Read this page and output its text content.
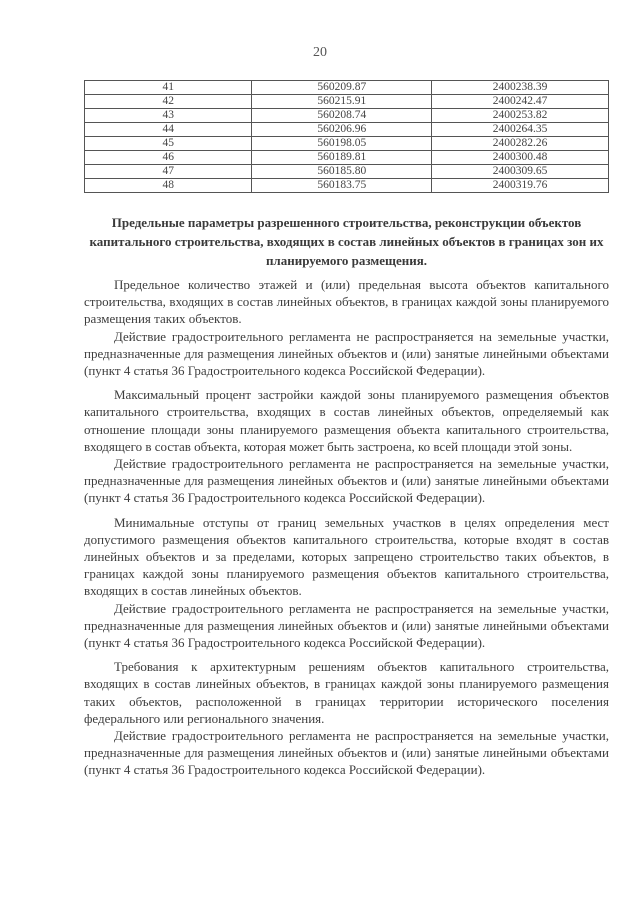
20
41	560209.87	2400238.39
42	560215.91	2400242.47
43	560208.74	2400253.82
44	560206.96	2400264.35
45	560198.05	2400282.26
46	560189.81	2400300.48
47	560185.80	2400309.65
48	560183.75	2400319.76
Предельные параметры разрешенного строительства, реконструкции объектов капитального строительства, входящих в состав линейных объектов в границах зон их планируемого размещения.

Предельное количество этажей и (или) предельная высота объектов капитального строительства, входящих в состав линейных объектов, в границах каждой зоны планируемого размещения таких объектов.

Действие градостроительного регламента не распространяется на земельные участки, предназначенные для размещения линейных объектов и (или) занятые линейными объектами (пункт 4 статья 36 Градостроительного кодекса Российской Федерации).

Максимальный процент застройки каждой зоны планируемого размещения объектов капитального строительства, входящих в состав линейных объектов, определяемый как отношение площади зоны планируемого размещения объекта капитального строительства, входящего в состав объекта, которая может быть застроена, ко всей площади этой зоны.

Действие градостроительного регламента не распространяется на земельные участки, предназначенные для размещения линейных объектов и (или) занятые линейными объектами (пункт 4 статья 36 Градостроительного кодекса Российской Федерации).

Минимальные отступы от границ земельных участков в целях определения мест допустимого размещения объектов капитального строительства, которые входят в состав линейных объектов и за пределами, которых запрещено строительство таких объектов, в границах каждой зоны планируемого размещения объектов капитального строительства, входящих в состав линейных объектов.

Действие градостроительного регламента не распространяется на земельные участки, предназначенные для размещения линейных объектов и (или) занятые линейными объектами (пункт 4 статья 36 Градостроительного кодекса Российской Федерации).

Требования к архитектурным решениям объектов капитального строительства, входящих в состав линейных объектов, в границах каждой зоны планируемого размещения таких объектов, расположенной в границах территории исторического поселения федерального или регионального значения.

Действие градостроительного регламента не распространяется на земельные участки, предназначенные для размещения линейных объектов и (или) занятые линейными объектами (пункт 4 статья 36 Градостроительного кодекса Российской Федерации).
